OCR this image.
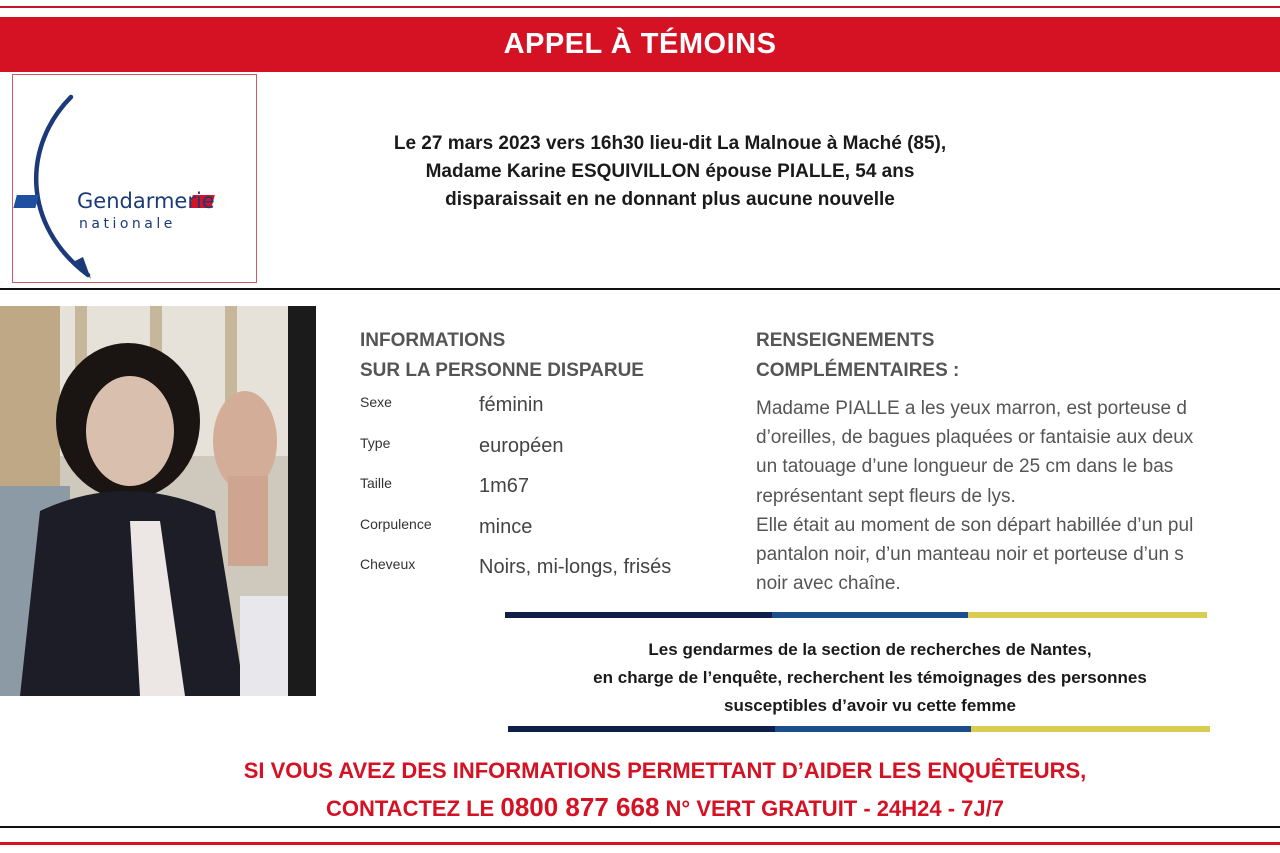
APPEL À TÉMOINS
Gendarmerie
nationale
Le 27 mars 2023 vers 16h30 lieu-dit La Malnoue à Maché (85),
Madame Karine ESQUIVILLON épouse PIALLE, 54 ans
disparaissait en ne donnant plus aucune nouvelle
INFORMATIONS
SUR LA PERSONNE DISPARUE
Sexe	féminin
Type	européen
Taille	1m67
Corpulence mince
Cheveux	Noirs, mi-longs, frisés
RENSEIGNEMENTS
COMPLÉMENTAIRES :
Madame PIALLE a les yeux marron, est porteuse d
d’oreilles, de bagues plaquées or fantaisie aux deux
un tatouage d’une longueur de 25 cm dans le bas
représentant sept fleurs de lys.
Elle était au moment de son départ habillée d’un pul
pantalon noir, d’un manteau noir et porteuse d’un s
noir avec chaîne.
Les gendarmes de la section de recherches de Nantes,
en charge de l’enquête, recherchent les témoignages des personnes
susceptibles d’avoir vu cette femme
SI VOUS AVEZ DES INFORMATIONS PERMETTANT D’AIDER LES ENQUÊTEURS,
CONTACTEZ LE 0800 877 668 N° VERT GRATUIT - 24H24 - 7J/7
